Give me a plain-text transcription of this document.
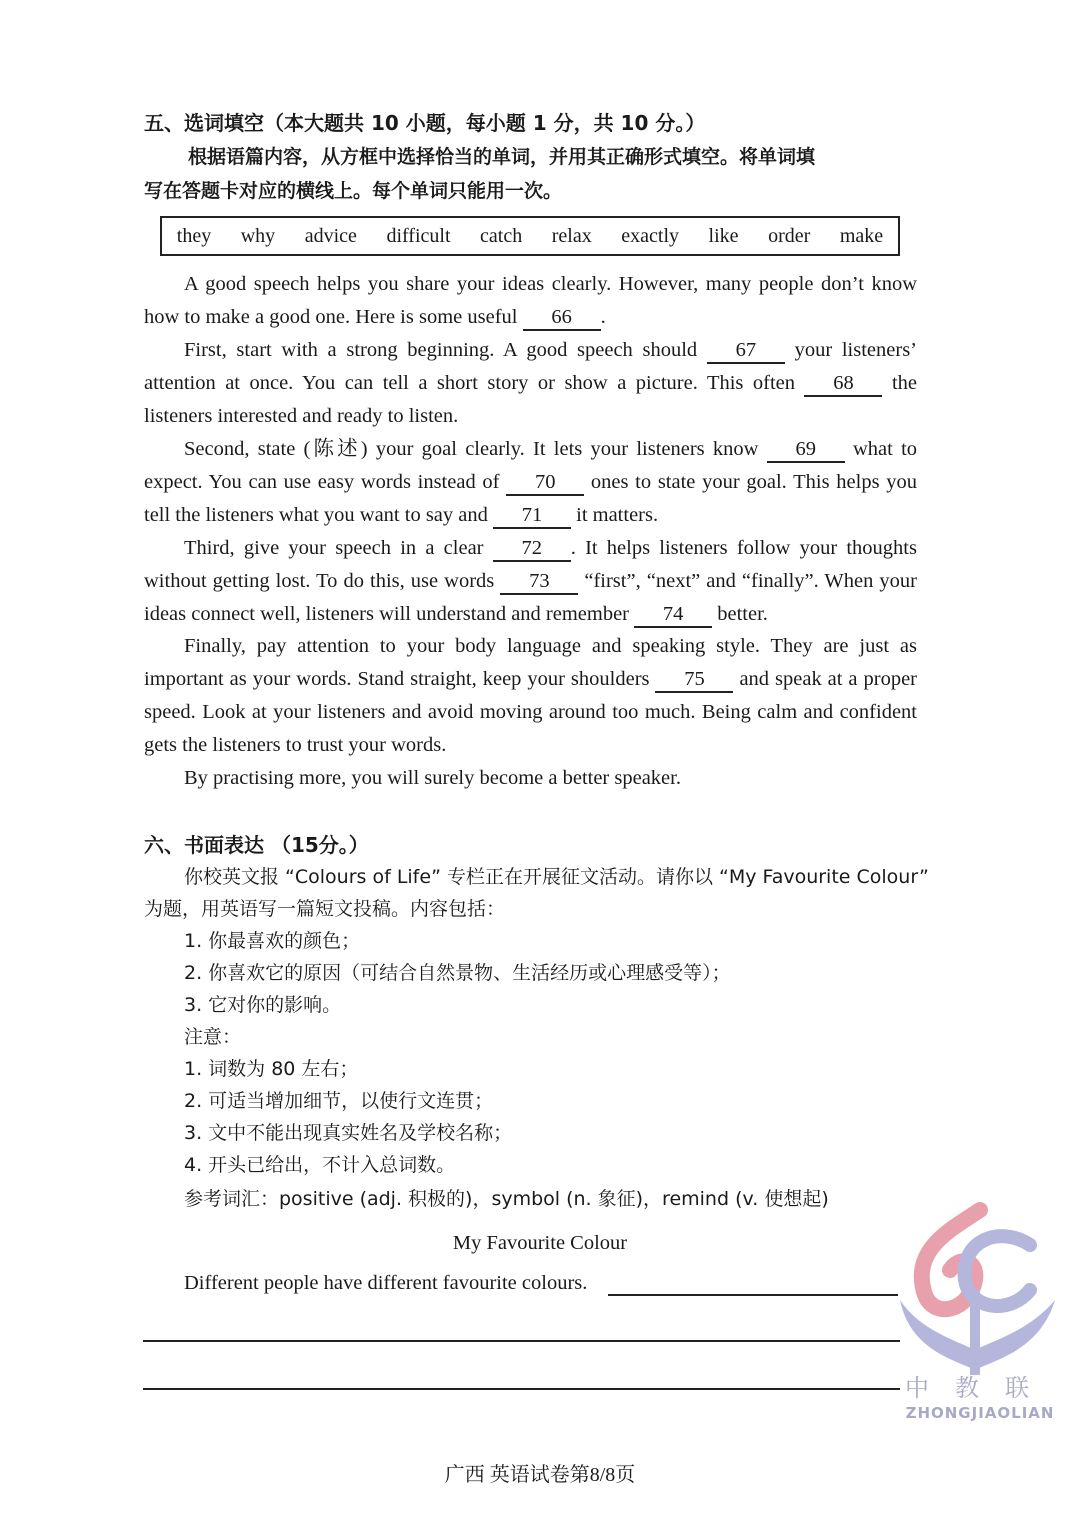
五、选词填空（本大题共 10 小题，每小题 1 分，共 10 分。）
根据语篇内容，从方框中选择恰当的单词，并用其正确形式填空。将单词填
写在答题卡对应的横线上。每个单词只能用一次。
they why advice difficult catch relax exactly like order make
A good speech helps you share your ideas clearly. However, many people don’t know how to make a good one. Here is some useful 66 .
First, start with a strong beginning. A good speech should 67 your listeners’ attention at once. You can tell a short story or show a picture. This often 68 the listeners interested and ready to listen.
Second, state (陈述) your goal clearly. It lets your listeners know 69 what to expect. You can use easy words instead of 70 ones to state your goal. This helps you tell the listeners what you want to say and 71 it matters.
Third, give your speech in a clear 72 . It helps listeners follow your thoughts without getting lost. To do this, use words 73 “first”, “next” and “finally”. When your ideas connect well, listeners will understand and remember 74 better.
Finally, pay attention to your body language and speaking style. They are just as important as your words. Stand straight, keep your shoulders 75 and speak at a proper speed. Look at your listeners and avoid moving around too much. Being calm and confident gets the listeners to trust your words.
By practising more, you will surely become a better speaker.
六、书面表达 （15分。）
你校英文报 “Colours of Life” 专栏正在开展征文活动。请你以 “My Favourite Colour”
为题，用英语写一篇短文投稿。内容包括：
1. 你最喜欢的颜色；
2. 你喜欢它的原因（可结合自然景物、生活经历或心理感受等）；
3. 它对你的影响。
注意：
1. 词数为 80 左右；
2. 可适当增加细节，以使行文连贯；
3. 文中不能出现真实姓名及学校名称；
4. 开头已给出，不计入总词数。
参考词汇：positive (adj. 积极的)，symbol (n. 象征)，remind (v. 使想起)
My Favourite Colour
Different people have different favourite colours.
中教联
ZHONGJIAOLIAN
广西 英语试卷第8/8页
